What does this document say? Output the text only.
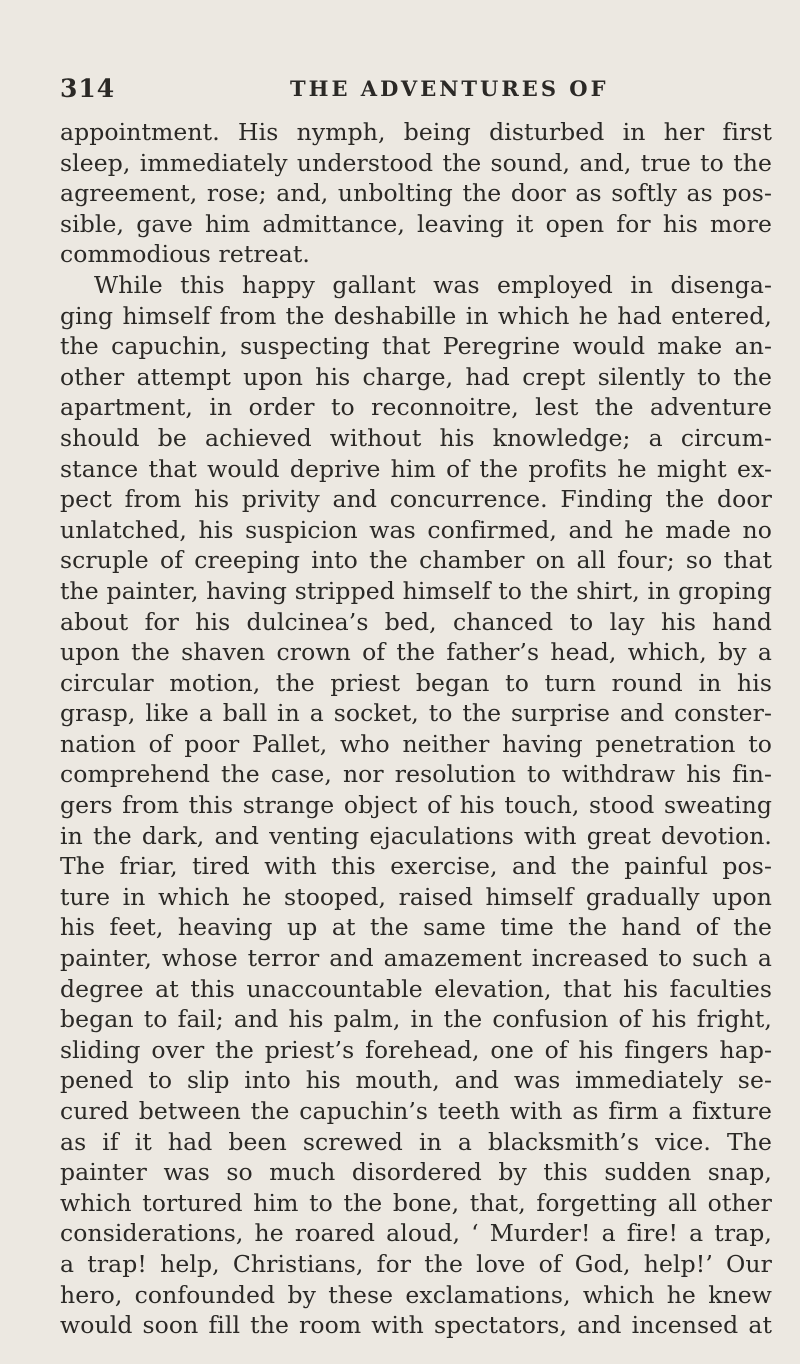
314	THE ADVENTURES OF
appointment. His nymph, being disturbed in her first
sleep, immediately understood the sound, and, true to the
agreement, rose; and, unbolting the door as softly as pos-
sible, gave him admittance, leaving it open for his more
commodious retreat.
While this happy gallant was employed in disenga-
ging himself from the deshabille in which he had entered,
the capuchin, suspecting that Peregrine would make an-
other attempt upon his charge, had crept silently to the
apartment, in order to reconnoitre, lest the adventure
should be achieved without his knowledge; a circum-
stance that would deprive him of the profits he might ex-
pect from his privity and concurrence. Finding the door
unlatched, his suspicion was confirmed, and he made no
scruple of creeping into the chamber on all four; so that
the painter, having stripped himself to the shirt, in groping
about for his dulcinea’s bed, chanced to lay his hand
upon the shaven crown of the father’s head, which, by a
circular motion, the priest began to turn round in his
grasp, like a ball in a socket, to the surprise and conster-
nation of poor Pallet, who neither having penetration to
comprehend the case, nor resolution to withdraw his fin-
gers from this strange object of his touch, stood sweating
in the dark, and venting ejaculations with great devotion.
The friar, tired with this exercise, and the painful pos-
ture in which he stooped, raised himself gradually upon
his feet, heaving up at the same time the hand of the
painter, whose terror and amazement increased to such a
degree at this unaccountable elevation, that his faculties
began to fail; and his palm, in the confusion of his fright,
sliding over the priest’s forehead, one of his fingers hap-
pened to slip into his mouth, and was immediately se-
cured between the capuchin’s teeth with as firm a fixture
as if it had been screwed in a blacksmith’s vice. The
painter was so much disordered by this sudden snap,
which tortured him to the bone, that, forgetting all other
considerations, he roared aloud, ‘ Murder! a fire! a trap,
a trap! help, Christians, for the love of God, help!’ Our
hero, confounded by these exclamations, which he knew
would soon fill the room with spectators, and incensed at
